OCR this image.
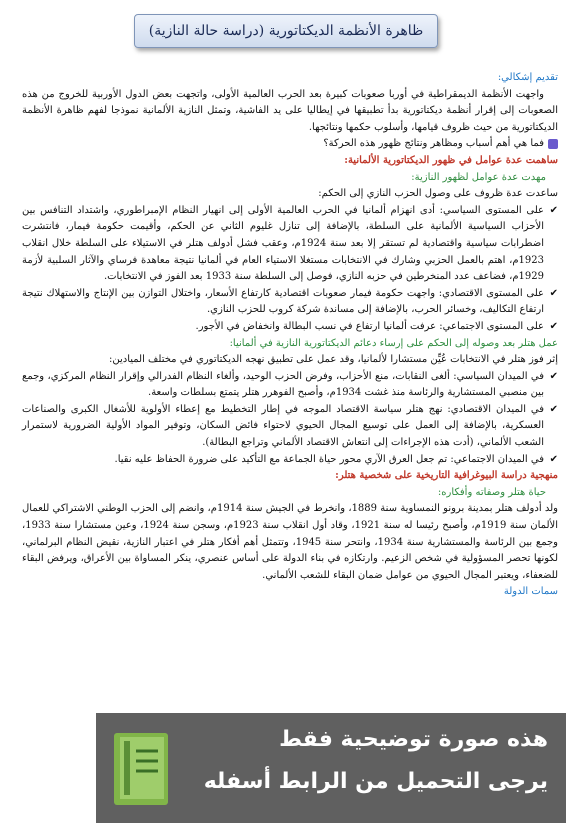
ظاهرة الأنظمة الديكتاتورية (دراسة حالة النازية)

تقديم إشكالي:

واجهت الأنظمة الديمقراطية في أوربا صعوبات كبيرة بعد الحرب العالمية الأولى، واتجهت بعض الدول الأوربية للخروج من هذه الصعوبات إلى إقرار أنظمة ديكتاتورية بدأ تطبيقها في إيطاليا على يد الفاشية، وتمثل النازية الألمانية نموذجا لفهم ظاهرة الأنظمة الديكتاتورية من حيث ظروف قيامها، وأسلوب حكمها ونتائجها.

فما هي أهم أسباب ومظاهر ونتائج ظهور هذه الحركة؟

ساهمت عدة عوامل في ظهور الديكتاتورية الألمانية:

مهدت عدة عوامل لظهور النازية:

ساعدت عدة ظروف على وصول الحزب النازي إلى الحكم:

✔
على المستوى السياسي: أدى انهزام ألمانيا في الحرب العالمية الأولى إلى انهيار النظام الإمبراطوري، واشتداد التنافس بين الأحزاب السياسية الألمانية على السلطة، بالإضافة إلى تنازل غليوم الثاني عن الحكم، وأقيمت حكومة فيمار، فانتشرت اضطرابات سياسية واقتصادية لم تستقر إلا بعد سنة 1924م، وعقب فشل أدولف هتلر في الاستيلاء على السلطة خلال انقلاب 1923م، اهتم بالعمل الحزبي وشارك في الانتخابات مستغلا الاستياء العام في ألمانيا نتيجة معاهدة فرساي والآثار السلبية لأزمة 1929م، فضاعف عدد المنخرطين في حزبه النازي، فوصل إلى السلطة سنة 1933 بعد الفوز في الانتخابات.

✔
على المستوى الاقتصادي: واجهت حكومة فيمار صعوبات اقتصادية كارتفاع الأسعار، واختلال التوازن بين الإنتاج والاستهلاك نتيجة ارتفاع التكاليف، وخسائر الحرب، بالإضافة إلى مساندة شركة كروب للحزب النازي.

✔
على المستوى الاجتماعي: عرفت ألمانيا ارتفاع في نسب البطالة وانخفاض في الأجور.

عمل هتلر بعد وصوله إلى الحكم على إرساء دعائم الديكتاتورية النازية في ألمانيا:

إثر فوز هتلر في الانتخابات عُيِّن مستشارا لألمانيا، وقد عمل على تطبيق نهجه الديكتاتوري في مختلف الميادين:

✔
في الميدان السياسي: ألغى النقابات، منع الأحزاب، وفرض الحزب الوحيد، وألغاء النظام الفدرالي وإقرار النظام المركزي، وجمع بين منصبي المستشارية والرئاسة منذ غشت 1934م، وأصبح الفوهرر هتلر يتمتع بسلطات واسعة.

✔
في الميدان الاقتصادي: نهج هتلر سياسة الاقتصاد الموجه في إطار التخطيط مع إعطاء الأولوية للأشغال الكبرى والصناعات العسكرية، بالإضافة إلى العمل على توسيع المجال الحيوي لاحتواء فائض السكان، وتوفير المواد الأولية الضرورية لاستمرار الشعب الألماني، (أدت هذه الإجراءات إلى انتعاش الاقتصاد الألماني وتراجع البطالة).

✔
في الميدان الاجتماعي: تم جعل العرق الآري محور حياة الجماعة مع التأكيد على ضرورة الحفاظ عليه نقيا.

منهجية دراسة البيوغرافية التاريخية على شخصية هتلر:

حياة هتلر وصفاته وأفكاره:

ولد أدولف هتلر بمدينة برونو النمساوية سنة 1889، وانخرط في الجيش سنة 1914م، وانضم إلى الحزب الوطني الاشتراكي للعمال الألمان سنة 1919م، وأصبح رئيسا له سنة 1921، وقاد أول انقلاب سنة 1923م، وسجن سنة 1924، وعين مستشارا سنة 1933، وجمع بين الرئاسة والمستشارية سنة 1934، وانتحر سنة 1945، وتتمثل أهم أفكار هتلر في اعتبار النازية، نقيض النظام البرلماني، لكونها تحصر المسؤولية في شخص الزعيم. وارتكازه في بناء الدولة على أساس عنصري، ينكر المساواة بين الأعراق، ويرفض البقاء للضعفاء، ويعتبر المجال الحيوي من عوامل ضمان البقاء للشعب الألماني.

سمات الدولة

هذه صورة توضيحية فقط
يرجى التحميل من الرابط أسفله
